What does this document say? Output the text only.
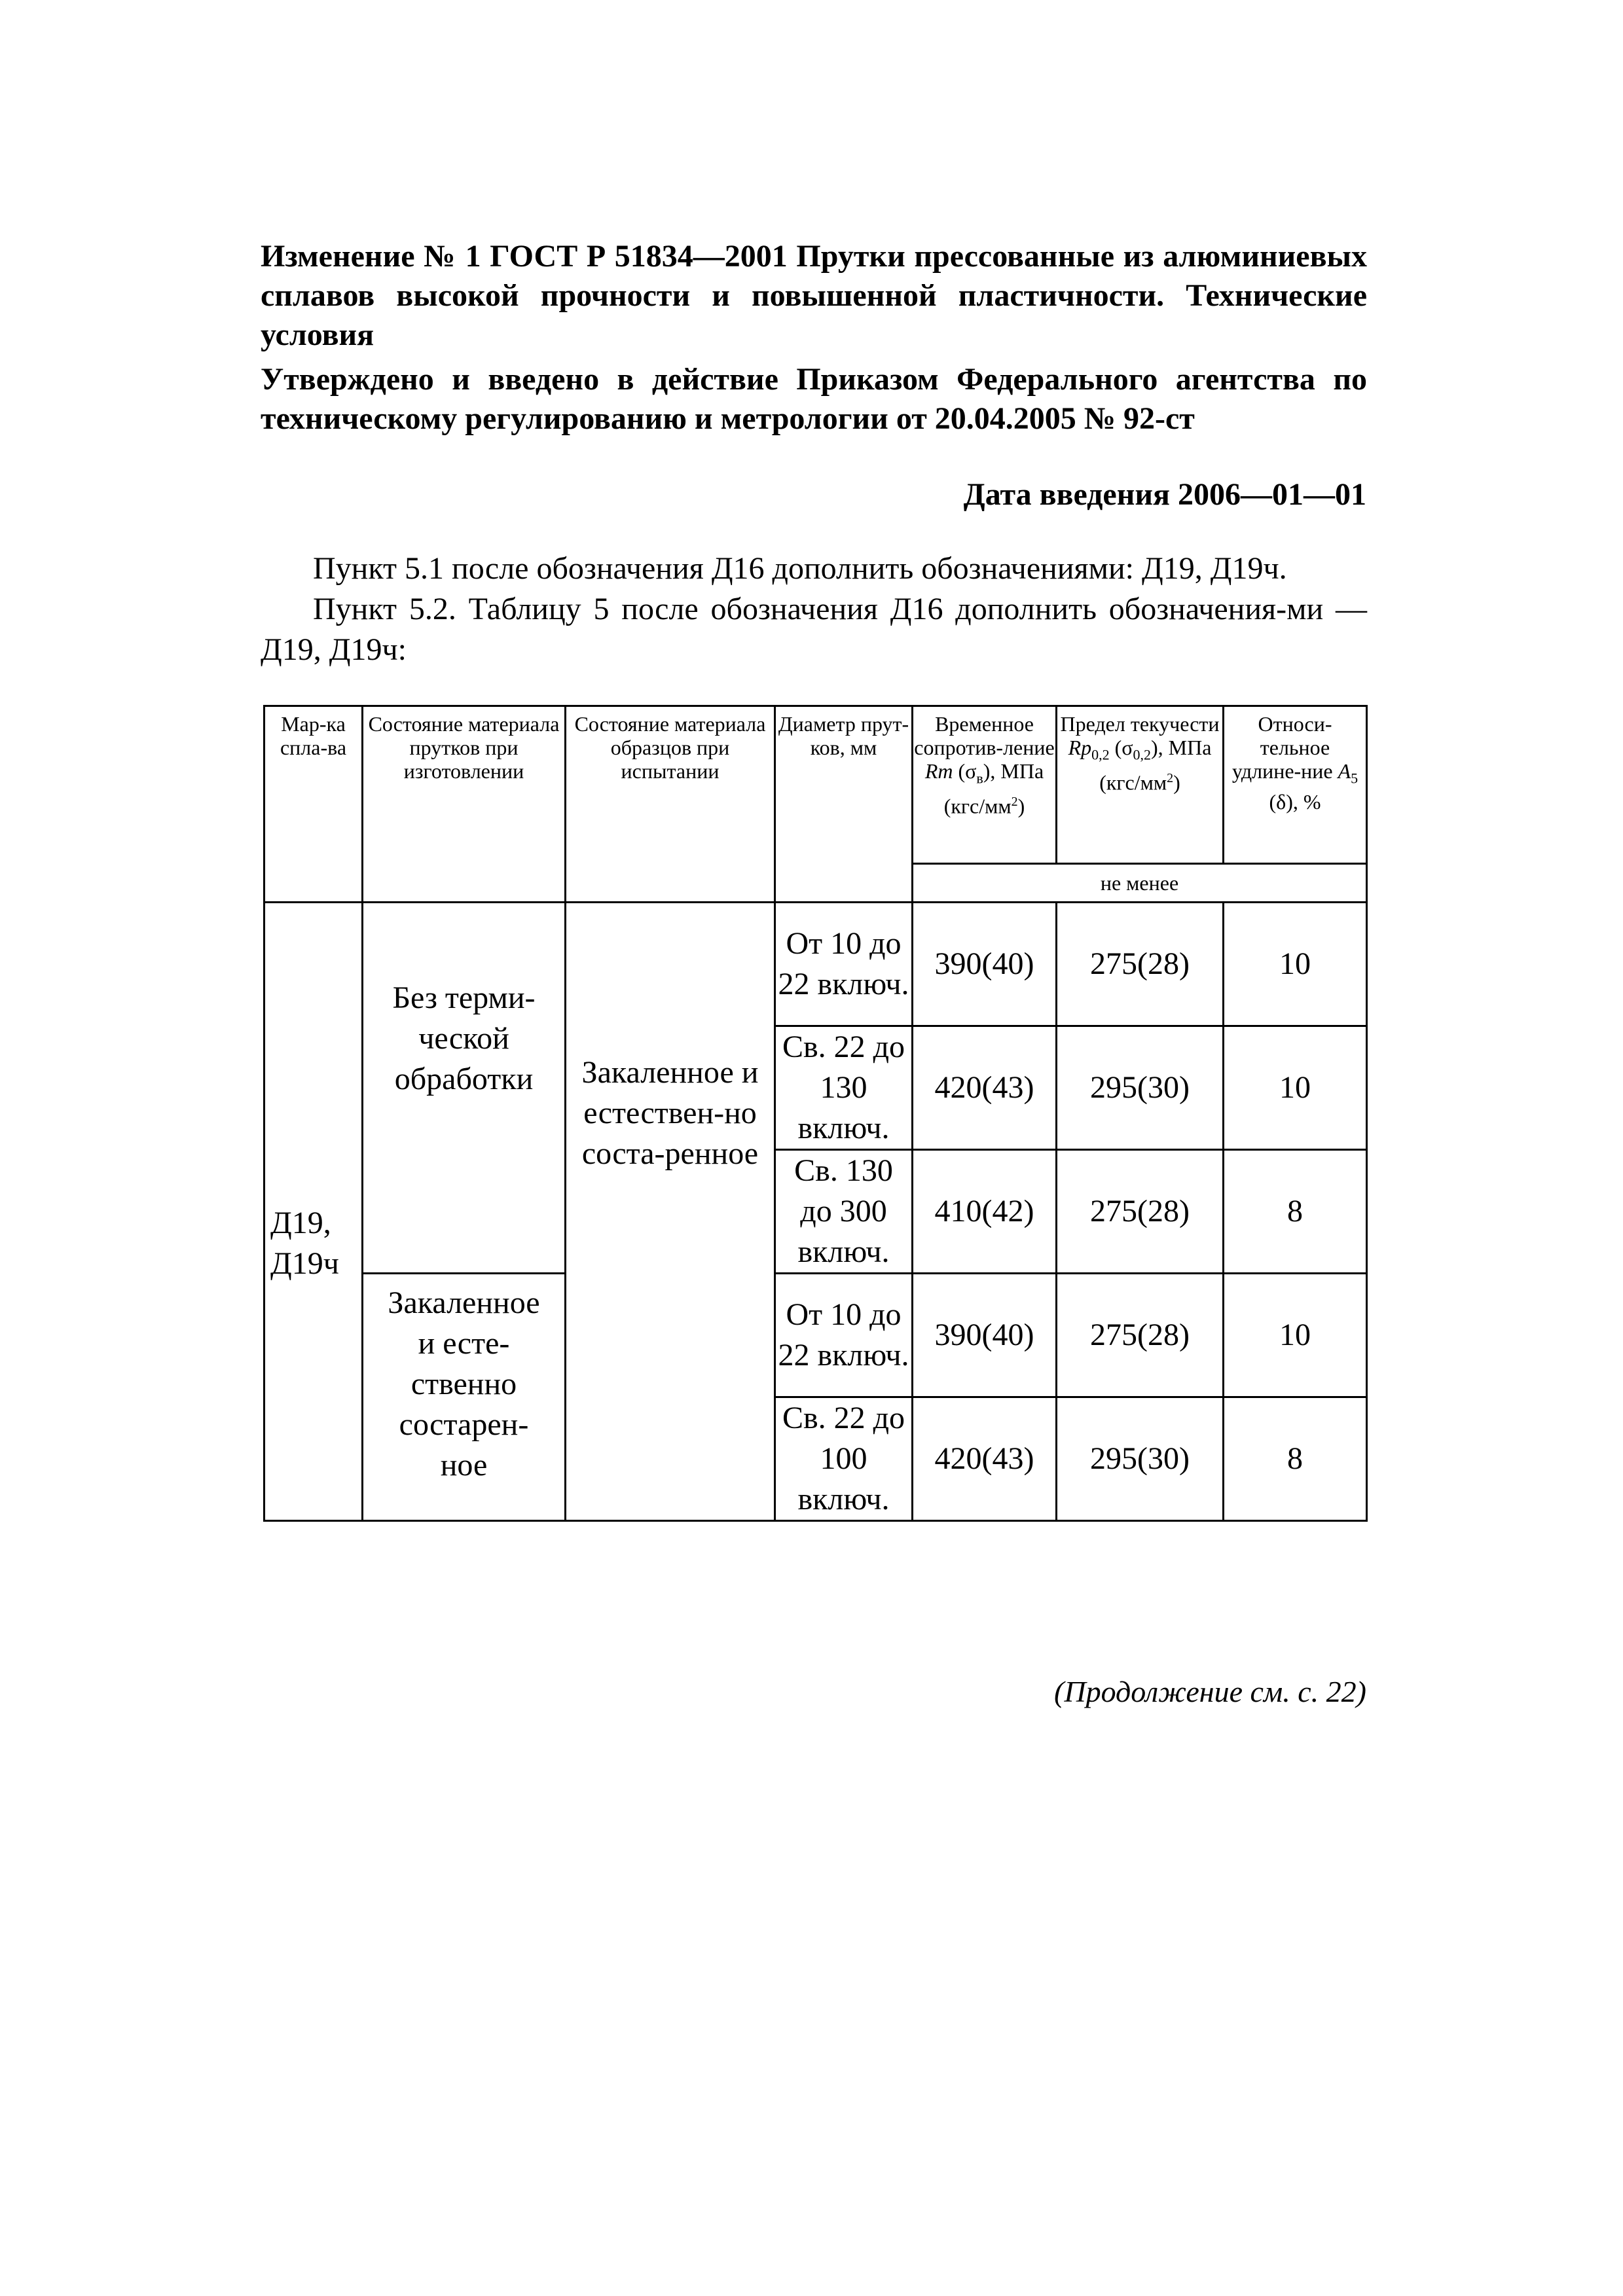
Изменение № 1 ГОСТ Р 51834—2001 Прутки прессованные из алюминиевых сплавов высокой прочности и повышенной пластичности. Технические условия
Утверждено и введено в действие Приказом Федерального агентства по техническому регулированию и метрологии от 20.04.2005 № 92-ст
Дата введения 2006—01—01
Пункт 5.1 после обозначения Д16 дополнить обозначениями: Д19, Д19ч.
Пункт 5.2. Таблицу 5 после обозначения Д16 дополнить обозначения-ми — Д19, Д19ч:
Мар-ка спла-ва	Состояние материала прутков при изготовлении	Состояние материала образцов при испытании	Диаметр прут-ков, мм	Временное сопротив-ление Rm $(\sigma_в)$, МПа $(кгс/мм^2)$	Предел текучести $Rp_{0,2}$ $(\sigma_{0,2})$, МПа $(кгс/мм^2)$	Относи-тельное удлине-ние $A_5$ (δ), %
				не менее		
Д19, Д19ч	Без терми-ческой обработки	Закаленное и естествен-но соста-ренное	От 10 до 22 включ.	390(40)	275(28)	10
			Св. 22 до 130 включ.	420(43)	295(30)	10
			Св. 130 до 300 включ.	410(42)	275(28)	8
	Закаленное и есте-ственно состарен-ное		От 10 до 22 включ.	390(40)	275(28)	10
			Св. 22 до 100 включ.	420(43)	295(30)	8
(Продолжение см. с. 22)
